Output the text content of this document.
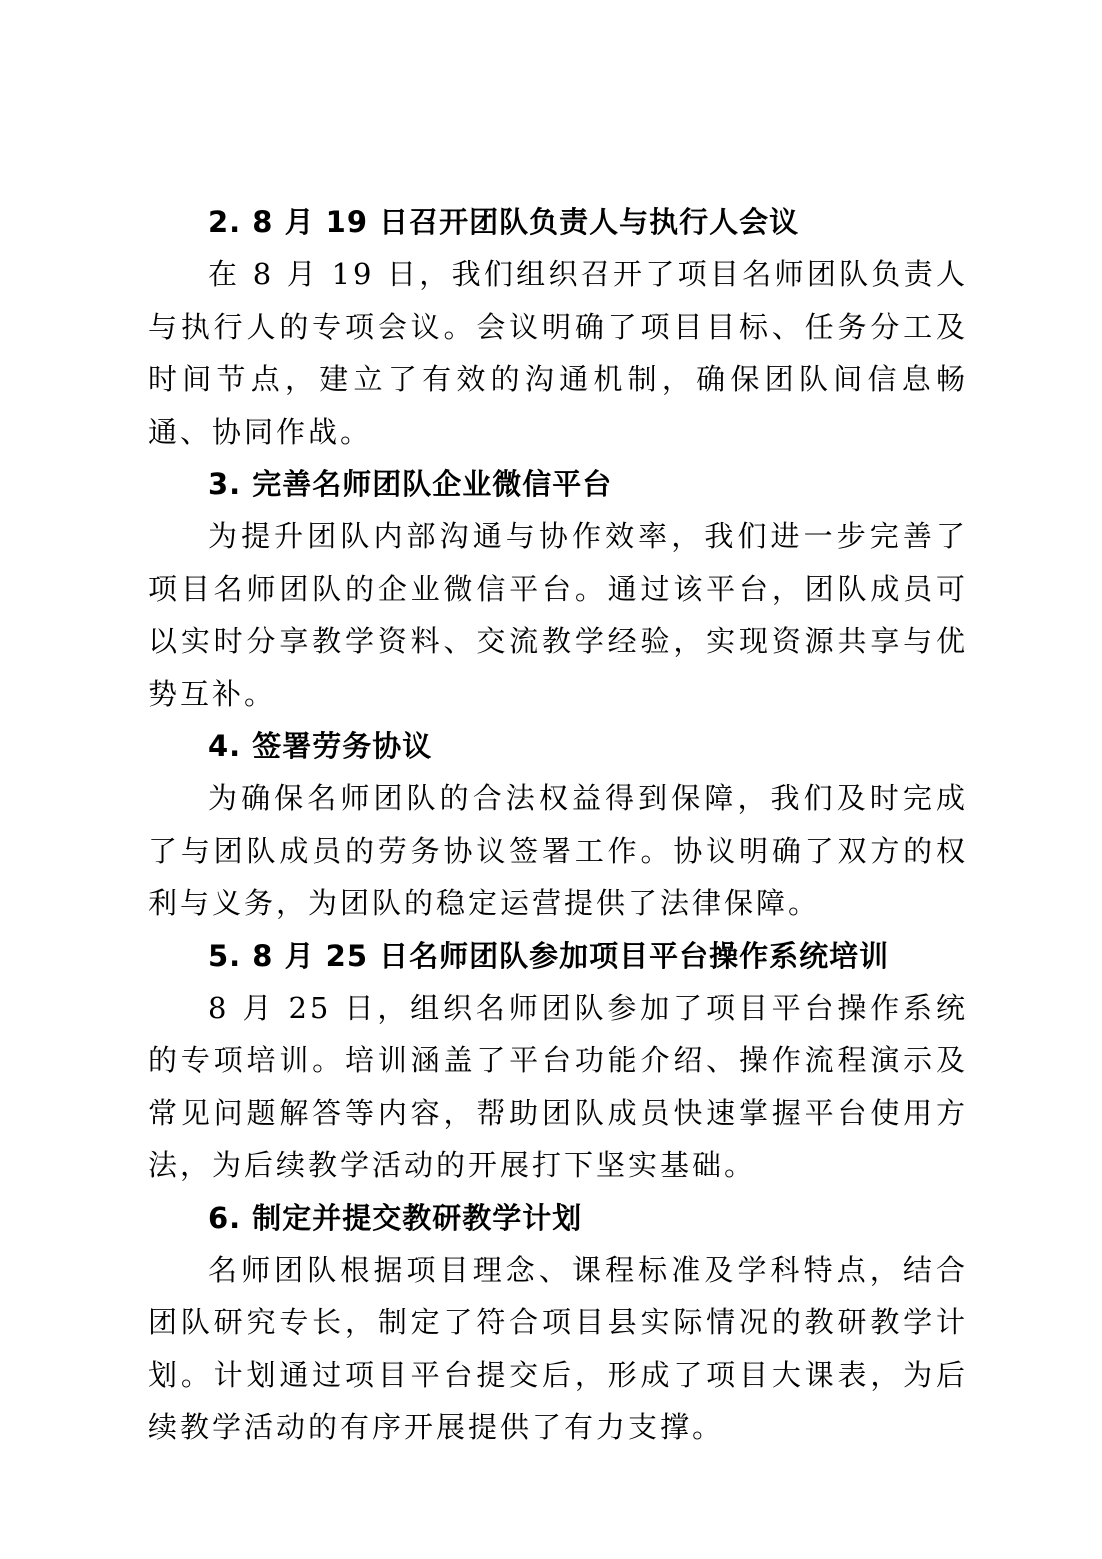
2. 8 月 19 日召开团队负责人与执行人会议

在 8 月 19 日，我们组织召开了项目名师团队负责人与执行人的专项会议。会议明确了项目目标、任务分工及时间节点，建立了有效的沟通机制，确保团队间信息畅通、协同作战。

3. 完善名师团队企业微信平台

为提升团队内部沟通与协作效率，我们进一步完善了项目名师团队的企业微信平台。通过该平台，团队成员可以实时分享教学资料、交流教学经验，实现资源共享与优势互补。

4. 签署劳务协议

为确保名师团队的合法权益得到保障，我们及时完成了与团队成员的劳务协议签署工作。协议明确了双方的权利与义务，为团队的稳定运营提供了法律保障。

5. 8 月 25 日名师团队参加项目平台操作系统培训

8 月 25 日，组织名师团队参加了项目平台操作系统的专项培训。培训涵盖了平台功能介绍、操作流程演示及常见问题解答等内容，帮助团队成员快速掌握平台使用方法，为后续教学活动的开展打下坚实基础。

6. 制定并提交教研教学计划

名师团队根据项目理念、课程标准及学科特点，结合团队研究专长，制定了符合项目县实际情况的教研教学计划。计划通过项目平台提交后，形成了项目大课表，为后续教学活动的有序开展提供了有力支撑。
